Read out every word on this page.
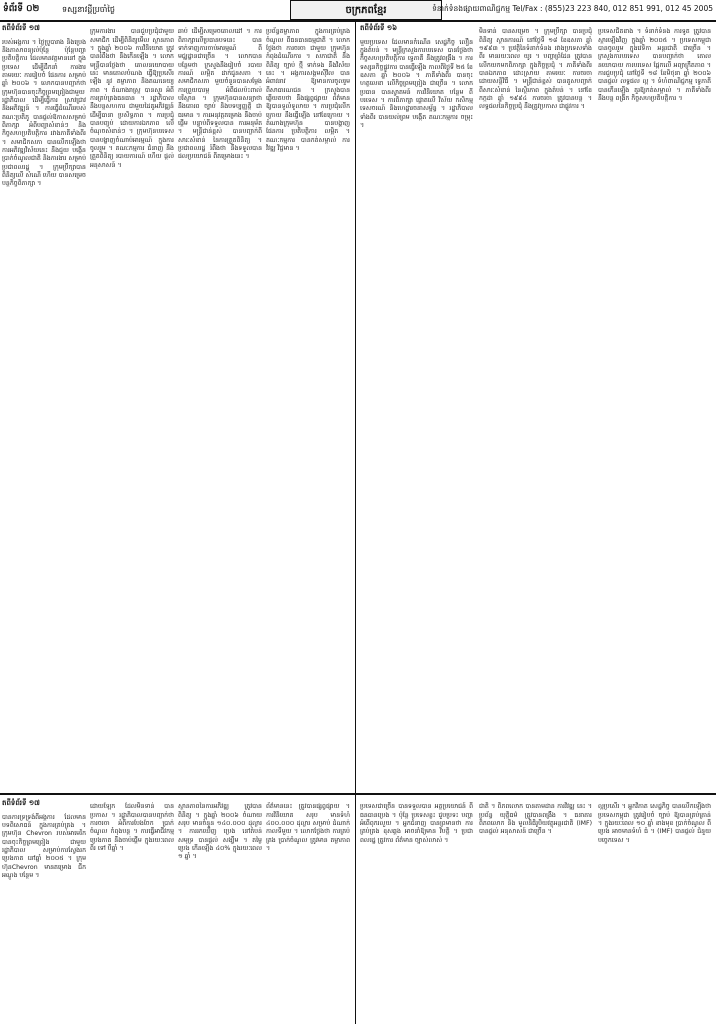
ទំព័រទី ០២	ទស្សនាវដ្ដីប្រចាំថ្ងៃ	ចក្រភពខ្មែរ	ទំនាក់ទំនងផ្សាយពាណិជ្ជកម្ម Tel/Fax : (855)23 223 840, 012 851 991, 012 45 2005
តពីទំព័រទី ១៧

របស់អង្គការ ។ ថ្លៃប្រូបារាង និងប្រេង និងភាសាពន្យល់ប៉ុន្តែ ប៉ុន្តែបញ្ហាប្រតិបត្តិការ ដែលមានវត្តមាននៅ ក្នុងប្រទេស ដើម្បីដឹកនាំ ការងារ តាមរយៈ ការរៀបចំ ផែនការ សម្រាប់ឆ្នាំ ២០០៦ ។ លោកបានបញ្ជាក់ថា ក្រុមហ៊ុនបានចុះកិច្ចព្រមព្រៀងជាមួយ រដ្ឋាភិបាល ដើម្បីធ្វើការ ស្រាវជ្រាវ និងអភិវឌ្ឍន៍ ។ ការធ្វើដំណើររបស់គណៈប្រតិភូ បានផ្ដល់ឱកាសសម្រាប់ ពិភាក្សា អំពីបញ្ហាសំខាន់ៗ និងកិច្ចសហប្រតិបត្តិការ រវាងភាគីទាំងពីរ ។ សមាជិកសភា បានលើកឡើងថា ការអភិវឌ្ឍវិស័យនេះ នឹងជួយ បង្កើន ប្រាក់ចំណូលជាតិ និងការងារ សម្រាប់ប្រជាពលរដ្ឋ ។ ក្រុមប្រឹក្សាបានពិនិត្យលើ សំណើ ហើយ បានសម្រេចបន្តកិច្ចពិភាក្សា ។

ក្រុមការងារ បានជួបប្រជុំជាមួយ សមាជិក ដើម្បីពិនិត្យមើល ស្ថានភាព ។ ក្នុងឆ្នាំ ២០០៦ ការវិនិយោគ ត្រូវបានរំពឹងថា នឹងកើនឡើង ។ លោកមន្ត្រីបានថ្លែងថា គោលនយោបាយ នេះ មានគោលបំណង ធ្វើឱ្យប្រសើរឡើង នូវ តម្លាភាព និងគណនេយ្យភាព ។ តំណាងរាស្ត្រ បានសួរ អំពីការគ្រប់គ្រងធនធាន ។ រដ្ឋាភិបាលនឹងបន្តសហការ ជាមួយដៃគូអភិវឌ្ឍន៍ ដើម្បីធានា ប្រសិទ្ធភាព ។ ការប្រជុំបានបញ្ចប់ ដោយការឯកភាព លើចំណុចសំខាន់ៗ ។ ក្រុមហ៊ុនបរទេស បានបង្ហាញចំណាប់អារម្មណ៍ ក្នុងការចូលរួម ។ គណៈកម្មការ ជំនាញ នឹងត្រួតពិនិត្យ របាយការណ៍ ហើយ ផ្ដល់អនុសាសន៍ ។

ឆាប់ ដើម្បីសម្រេចគោលដៅ ។ ការពិភាក្សាលើប្រធានបទនេះ បានទាក់ទាញការចាប់អារម្មណ៍ ពីមជ្ឈដ្ឋានជាច្រើន ។ លោកបានបន្ថែមថា ក្រសួងនឹងរៀបចំ របាយការណ៍ លម្អិត ដាក់ជូនសភា ។ សមាជិកសភា មួយចំនួនបានសម្ដែងការព្រួយបារម្ភ អំពីផលប៉ះពាល់ បរិស្ថាន ។ ក្រុមហ៊ុនបានសន្យាថា នឹងគោរព ច្បាប់ និងបទប្បញ្ញត្តិ ជាធរមាន ។ ការអនុវត្តគម្រោង នឹងចាប់ផ្ដើម បន្ទាប់ពីទទួលបាន ការអនុម័ត ។ មន្ត្រីជាន់ខ្ពស់ បានបញ្ជាក់ពី សារៈសំខាន់ នៃការត្រួតពិនិត្យ ។ ប្រជាពលរដ្ឋ រំពឹងថា នឹងទទួលបាន ផលប្រយោជន៍ ពីគម្រោងនេះ ។

ប្រព័ន្ធតម្លាភាព ក្នុងការគ្រប់គ្រង ចំណូល ពីធនធានធម្មជាតិ ។ លោកថ្លែងថា ការចរចា ជាមួយ ក្រុមហ៊ុន កំពុងដំណើរការ ។ សភាជាតិ នឹងពិនិត្យ ច្បាប់ ថ្មី ទាក់ទង នឹងវិស័យ នេះ ។ អង្គការសង្គមស៊ីវិល បានអំពាវនាវ ឱ្យមានការចូលរួម ពីសាធារណជន ។ ក្រសួងបានឆ្លើយតបថា នឹងផ្សព្វផ្សាយ ព័ត៌មាន ឱ្យបានទូលំទូលាយ ។ ការប្រជុំលើកក្រោយ នឹងធ្វើឡើង នៅខែក្រោយ ។ តំណាងក្រុមហ៊ុន បានបង្ហាញ ផែនការ ប្រតិបត្តិការ លម្អិត ។ គណៈកម្មការ បានកត់សម្គាល់ ការវិវឌ្ឍ វិជ្ជមាន ។

តពីទំព័រទី ១៦

មួយប្រទេស ដែលមានកំណើន សេដ្ឋកិច្ច លឿន ក្នុងតំបន់ ។ មន្ត្រីក្រសួងការបរទេស បានថ្លែងថា កិច្ចសហប្រតិបត្តិការ ទ្វេភាគី នឹងត្រូវពង្រឹង ។ ការទស្សនកិច្ចផ្លូវការ បានធ្វើឡើង កាលពីថ្ងៃទី ២៥ ខែឧសភា ឆ្នាំ ២០០៦ ។ ភាគីទាំងពីរ បានចុះហត្ថលេខា លើកិច្ចព្រមព្រៀង ជាច្រើន ។ លោកប្រធាន បានស្វាគមន៍ ការវិនិយោគ បន្ថែម ពីបរទេស ។ ការពិភាក្សា ផ្ដោតលើ វិស័យ កសិកម្ម ទេសចរណ៍ និងហេដ្ឋារចនាសម្ព័ន្ធ ។ រដ្ឋាភិបាលទាំងពីរ បានយល់ព្រម បង្កើត គណៈកម្មការ ចម្រុះ ។

មិនទាន់ បានសម្រេច ។ ក្រុមប្រឹក្សា បានប្រជុំ ពិនិត្យ ស្ថានការណ៍ នៅថ្ងៃទី ១៨ ខែឧសភា ឆ្នាំ ១៩៩៣ ។ ប្រវត្តិនៃទំនាក់ទំនង រវាងប្រទេសទាំងពីរ មានរយៈពេល យូរ ។ បញ្ហាព្រំដែន ត្រូវបានលើកយកមកពិភាក្សា ក្នុងកិច្ចប្រជុំ ។ ភាគីទាំងពីរ បានឯកភាព ដោះស្រាយ តាមរយៈ ការចរចា ដោយសន្តិវិធី ។ មន្ត្រីជាន់ខ្ពស់ បានគូសបញ្ជាក់ ពីសារៈសំខាន់ នៃស្ថិរភាព ក្នុងតំបន់ ។ នៅខែកក្កដា ឆ្នាំ ១៩៩៤ ការចរចា ត្រូវបានបន្ត ។ លទ្ធផលនៃកិច្ចប្រជុំ នឹងត្រូវប្រកាស ជាផ្លូវការ ។

ប្រទេសជិតខាង ។ ទំនាក់ទំនង ការទូត ត្រូវបានស្ដារឡើងវិញ ក្នុងឆ្នាំ ២០០៥ ។ ប្រទេសកម្ពុជា បានចូលរួម ក្នុងវេទិកា អន្តរជាតិ ជាច្រើន ។ ក្រសួងការបរទេស បានបញ្ជាក់ថា គោលនយោបាយ ការបរទេស ផ្អែកលើ អព្យាក្រឹតភាព ។ ការជួបប្រជុំ នៅថ្ងៃទី ១៨ ខែមិថុនា ឆ្នាំ ២០០៦ បានផ្ដល់ លទ្ធផល ល្អ ។ ទំហំពាណិជ្ជកម្ម ទ្វេភាគី បានកើនឡើង គួរឱ្យកត់សម្គាល់ ។ ភាគីទាំងពីរ នឹងបន្ត ពង្រីក កិច្ចសហប្រតិបត្តិការ ។

តពីទំព័រទី ១៧

បានការទ្រទ្រង់ពីអង្គការ ដែលមាន បទពិសោធន៍ ក្នុងការគ្រប់គ្រង ។ ក្រុមហ៊ុន Chevron របស់អាមេរិក បានចុះកិច្ចព្រមព្រៀង ជាមួយ រដ្ឋាភិបាល សម្រាប់ការស្វែងរក ប្រេងកាត នៅឆ្នាំ ២០០៥ ។ ក្រុមហ៊ុនChevron មានគម្រោង ជីកអណ្ដូង បន្ថែម ។

ដោយឡែក ដែលមិនទាន់ បានប្រកាស ។ រដ្ឋាភិបាលបានបញ្ជាក់ថា ការចរចា អំពីការបែងចែក ប្រាក់ចំណូល កំពុងបន្ត ។ ការធ្វើអាជីវកម្ម ប្រេងកាត នឹងចាប់ផ្ដើម ក្នុងរយៈពេល ពីរ ទៅ បីឆ្នាំ ។

ស្ថានភាពនៃការអភិវឌ្ឍ ត្រូវបានពិនិត្យ ។ ក្នុងឆ្នាំ ២០០៦ ចំណាយ សរុប មានចំនួន ១៤០.០០០ ដុល្លារ ។ ការរកឃើញ ប្រេង នៅតំបន់ សមុទ្រ បានផ្ដល់ សង្ឃឹម ។ តម្លៃប្រេង កើនឡើង ៤០% ក្នុងរយៈពេល ១ ឆ្នាំ ។

ព័ត៌មាននេះ ត្រូវបានផ្សព្វផ្សាយ ។ ការវិនិយោគ សរុប មានទំហំ ៤០០.០០០ ដុល្លារ សម្រាប់ ដំណាក់កាលទីមួយ ។ លោកថ្លែងថា ការគ្រប់គ្រង ប្រាក់ចំណូល ត្រូវមាន តម្លាភាព ។

ប្រទេសជាច្រើន បានទទួលបាន អត្ថប្រយោជន៍ ពីធនធានប្រេង ។ ប៉ុន្តែ ប្រទេសខ្លះ ជួបប្រទះ បញ្ហា អំពើពុករលួយ ។ អ្នកជំនាញ បានព្រមានថា ការគ្រប់គ្រង ខុសឆ្គង អាចនាំឱ្យមាន វិបត្តិ ។ ប្រជាពលរដ្ឋ ត្រូវការ ព័ត៌មាន ច្បាស់លាស់ ។

ជាតិ ។ ពិភពលោក បានតាមដាន ការវិវឌ្ឍ នេះ ។ ប្រព័ន្ធ យុត្តិធម៌ ត្រូវបានពង្រឹង ។ ធនាគារពិភពលោក និង មូលនិធិរូបិយវត្ថុអន្តរជាតិ (IMF) បានផ្ដល់ អនុសាសន៍ ជាច្រើន ។

ល្អប្រសើរ ។ អ្នកវិភាគ សេដ្ឋកិច្ច បានលើកឡើងថា ប្រទេសកម្ពុជា ត្រូវរៀបចំ ច្បាប់ ឱ្យបានគ្រប់គ្រាន់ ។ ក្នុងរយៈពេល ១០ ឆ្នាំ ខាងមុខ ប្រាក់ចំណូល ពីប្រេង អាចមានទំហំ ធំ ។ (IMF) បានផ្ដល់ ជំនួយ បច្ចេកទេស ។
